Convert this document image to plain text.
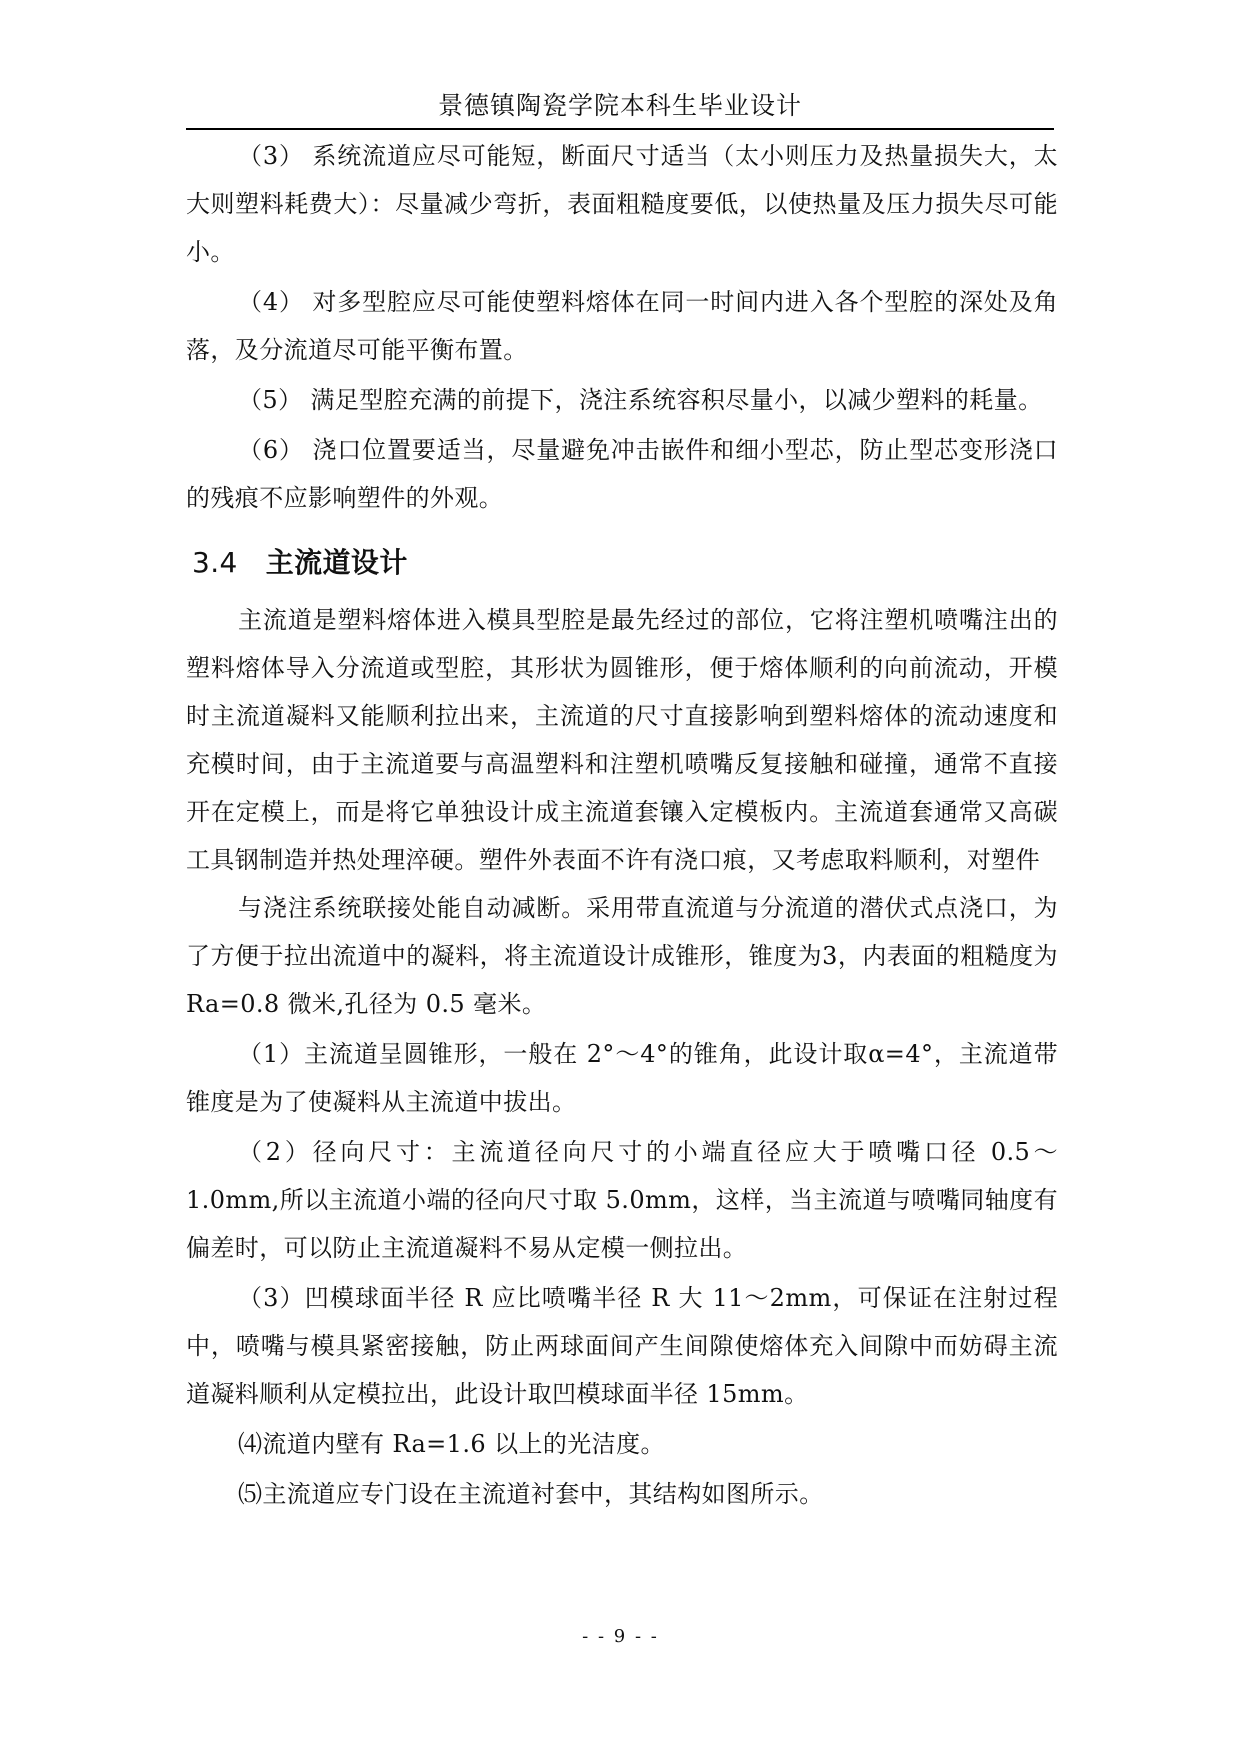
景德镇陶瓷学院本科生毕业设计

（3） 系统流道应尽可能短，断面尺寸适当（太小则压力及热量损失大，太大则塑料耗费大）：尽量减少弯折，表面粗糙度要低，以使热量及压力损失尽可能小。

（4） 对多型腔应尽可能使塑料熔体在同一时间内进入各个型腔的深处及角落，及分流道尽可能平衡布置。

（5） 满足型腔充满的前提下，浇注系统容积尽量小，以减少塑料的耗量。

（6） 浇口位置要适当，尽量避免冲击嵌件和细小型芯，防止型芯变形浇口的残痕不应影响塑件的外观。

3.4 主流道设计

主流道是塑料熔体进入模具型腔是最先经过的部位，它将注塑机喷嘴注出的塑料熔体导入分流道或型腔，其形状为圆锥形，便于熔体顺利的向前流动，开模时主流道凝料又能顺利拉出来，主流道的尺寸直接影响到塑料熔体的流动速度和充模时间，由于主流道要与高温塑料和注塑机喷嘴反复接触和碰撞，通常不直接开在定模上，而是将它单独设计成主流道套镶入定模板内。主流道套通常又高碳工具钢制造并热处理淬硬。塑件外表面不许有浇口痕，又考虑取料顺利，对塑件

与浇注系统联接处能自动减断。采用带直流道与分流道的潜伏式点浇口，为了方便于拉出流道中的凝料，将主流道设计成锥形，锥度为3，内表面的粗糙度为 Ra=0.8 微米,孔径为 0.5 毫米。

（1）主流道呈圆锥形，一般在 2°～4°的锥角，此设计取α=4°，主流道带锥度是为了使凝料从主流道中拔出。

（2）径向尺寸：主流道径向尺寸的小端直径应大于喷嘴口径 0.5～ 1.0mm,所以主流道小端的径向尺寸取 5.0mm，这样，当主流道与喷嘴同轴度有偏差时，可以防止主流道凝料不易从定模一侧拉出。

（3）凹模球面半径 R 应比喷嘴半径 R 大 11～2mm，可保证在注射过程中，喷嘴与模具紧密接触，防止两球面间产生间隙使熔体充入间隙中而妨碍主流道凝料顺利从定模拉出，此设计取凹模球面半径 15mm。

⑷流道内壁有 Ra=1.6 以上的光洁度。

⑸主流道应专门设在主流道衬套中，其结构如图所示。

- - 9 - -
